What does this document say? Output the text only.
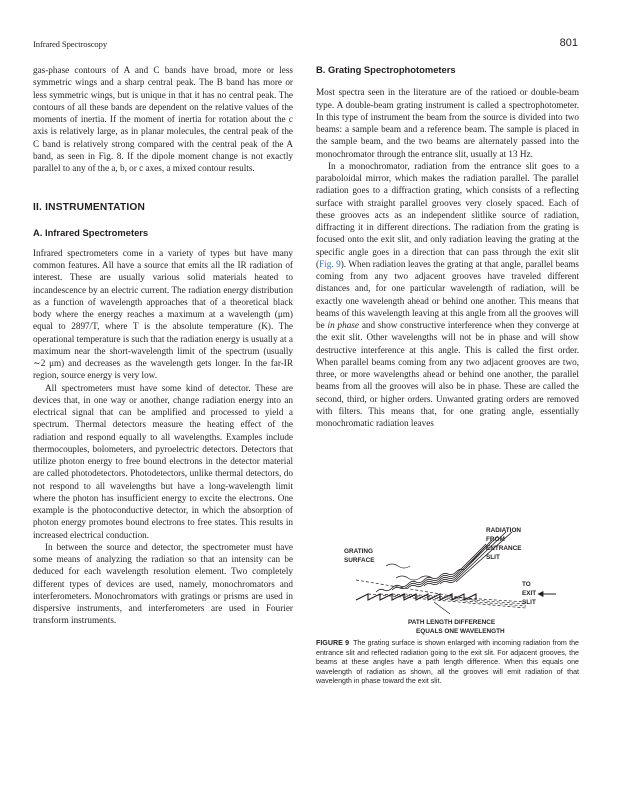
Infrared Spectroscopy	801

gas-phase contours of A and C bands have broad, more or less symmetric wings and a sharp central peak. The B band has more or less symmetric wings, but is unique in that it has no central peak. The contours of all these bands are dependent on the relative values of the moments of inertia. If the moment of inertia for rotation about the c axis is relatively large, as in planar molecules, the central peak of the C band is relatively strong compared with the central peak of the A band, as seen in Fig. 8. If the dipole moment change is not exactly parallel to any of the a, b, or c axes, a mixed contour results.

II. INSTRUMENTATION
A. Infrared Spectrometers

Infrared spectrometers come in a variety of types but have many common features. All have a source that emits all the IR radiation of interest. These are usually various solid materials heated to incandescence by an electric current. The radiation energy distribution as a function of wavelength approaches that of a theoretical black body where the energy reaches a maximum at a wavelength (μm) equal to 2897/T, where T is the absolute temperature (K). The operational temperature is such that the radiation energy is usually at a maximum near the short-wavelength limit of the spectrum (usually ∼2 μm) and decreases as the wavelength gets longer. In the far-IR region, source energy is very low.

All spectrometers must have some kind of detector. These are devices that, in one way or another, change radiation energy into an electrical signal that can be amplified and processed to yield a spectrum. Thermal detectors measure the heating effect of the radiation and respond equally to all wavelengths. Examples include thermocouples, bolometers, and pyroelectric detectors. Detectors that utilize photon energy to free bound electrons in the detector material are called photodetectors. Photodetectors, unlike thermal detectors, do not respond to all wavelengths but have a long-wavelength limit where the photon has insufficient energy to excite the electrons. One example is the photoconductive detector, in which the absorption of photon energy promotes bound electrons to free states. This results in increased electrical conduction.

In between the source and detector, the spectrometer must have some means of analyzing the radiation so that an intensity can be deduced for each wavelength resolution element. Two completely different types of devices are used, namely, monochromators and interferometers. Monochromators with gratings or prisms are used in dispersive instruments, and interferometers are used in Fourier transform instruments.

B. Grating Spectrophotometers

Most spectra seen in the literature are of the ratioed or double-beam type. A double-beam grating instrument is called a spectrophotometer. In this type of instrument the beam from the source is divided into two beams: a sample beam and a reference beam. The sample is placed in the sample beam, and the two beams are alternately passed into the monochromator through the entrance slit, usually at 13 Hz.

In a monochromator, radiation from the entrance slit goes to a paraboloidal mirror, which makes the radiation parallel. The parallel radiation goes to a diffraction grating, which consists of a reflecting surface with straight parallel grooves very closely spaced. Each of these grooves acts as an independent slitlike source of radiation, diffracting it in different directions. The radiation from the grating is focused onto the exit slit, and only radiation leaving the grating at the specific angle goes in a direction that can pass through the exit slit (Fig. 9). When radiation leaves the grating at that angle, parallel beams coming from any two adjacent grooves have traveled different distances and, for one particular wavelength of radiation, will be exactly one wavelength ahead or behind one another. This means that beams of this wavelength leaving at this angle from all the grooves will be in phase and show constructive interference when they converge at the exit slit. Other wavelengths will not be in phase and will show destructive interference at this angle. This is called the first order. When parallel beams coming from any two adjacent grooves are two, three, or more wavelengths ahead or behind one another, the parallel beams from all the grooves will also be in phase. These are called the second, third, or higher orders. Unwanted grating orders are removed with filters. This means that, for one grating angle, essentially monochromatic radiation leaves

RADIATION
FROM
ENTRANCE
SLIT
GRATING
SURFACE
TO
EXIT
SLIT
PATH LENGTH DIFFERENCE
EQUALS ONE WAVELENGTH
FIGURE 9 The grating surface is shown enlarged with incoming radiation from the entrance slit and reflected radiation going to the exit slit. For adjacent grooves, the beams at these angles have a path length difference. When this equals one wavelength of radiation as shown, all the grooves will emit radiation of that wavelength in phase toward the exit slit.
